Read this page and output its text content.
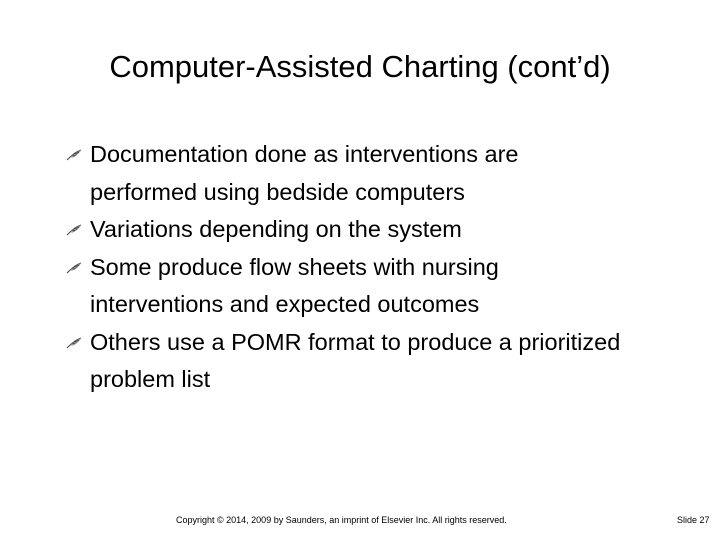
Computer-Assisted Charting (cont’d)
Documentation done as interventions are performed using bedside computers
Variations depending on the system
Some produce flow sheets with nursing interventions and expected outcomes
Others use a POMR format to produce a prioritized problem list
Copyright © 2014, 2009 by Saunders, an imprint of Elsevier Inc. All rights reserved.	Slide 27
